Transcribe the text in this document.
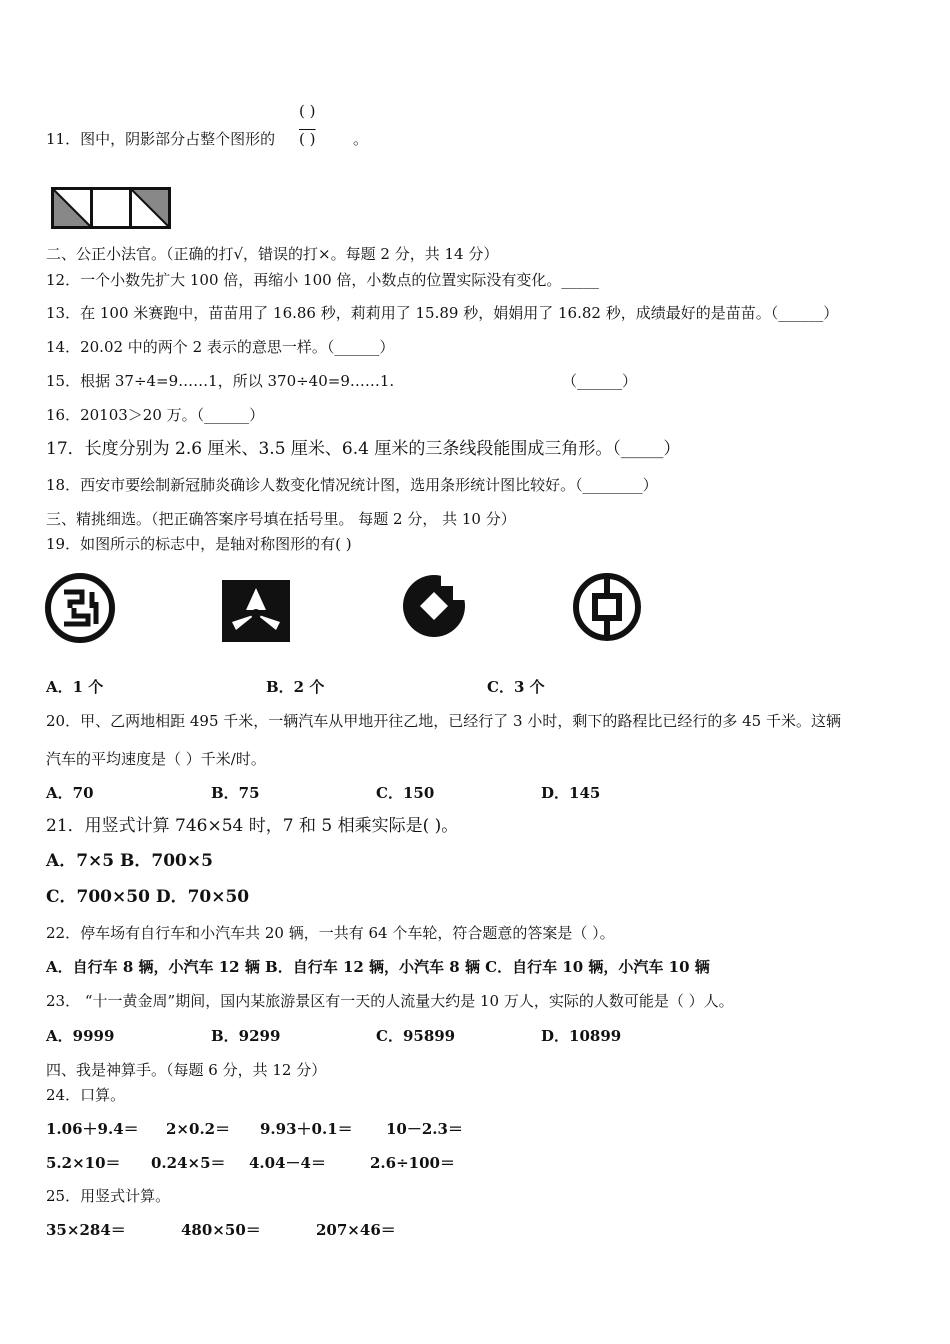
( )
11．图中，阴影部分占整个图形的 ( )	。
二、公正小法官。（正确的打√，错误的打×。每题 2 分，共 14 分）
12．一个小数先扩大 100 倍，再缩小 100 倍，小数点的位置实际没有变化。_____
13．在 100 米赛跑中，苗苗用了 16.86 秒，莉莉用了 15.89 秒，娟娟用了 16.82 秒，成绩最好的是苗苗。（______）
14．20.02 中的两个 2 表示的意思一样。（______）
15．根据 37÷4=9……1，所以 370÷40=9……1.	（______）
16．20103＞20 万。（______）
17．长度分别为 2.6 厘米、3.5 厘米、6.4 厘米的三条线段能围成三角形。（_____）
18．西安市要绘制新冠肺炎确诊人数变化情况统计图，选用条形统计图比较好。（________）
三、精挑细选。（把正确答案序号填在括号里。 每题 2 分， 共 10 分）
19．如图所示的标志中，是轴对称图形的有( )
A．1 个	B．2 个	C．3 个
20．甲、乙两地相距 495 千米，一辆汽车从甲地开往乙地，已经行了 3 小时，剩下的路程比已经行的多 45 千米。这辆
汽车的平均速度是（ ）千米/时。
A．70	B．75	C．150	D．145
21．用竖式计算 746×54 时，7 和 5 相乘实际是( )。
A．7×5 B．700×5
C．700×50 D．70×50
22．停车场有自行车和小汽车共 20 辆，一共有 64 个车轮，符合题意的答案是（ ）。
A．自行车 8 辆，小汽车 12 辆 B．自行车 12 辆，小汽车 8 辆 C．自行车 10 辆，小汽车 10 辆
23． “十一黄金周”期间，国内某旅游景区有一天的人流量大约是 10 万人，实际的人数可能是（ ）人。
A．9999	B．9299	C．95899	D．10899
四、我是神算手。（每题 6 分，共 12 分）
24．口算。
1.06＋9.4＝ 2×0.2＝ 9.93＋0.1＝ 10－2.3＝
5.2×10＝ 0.24×5＝ 4.04－4＝	2.6÷100＝
25．用竖式计算。
35×284＝	480×50＝	207×46＝
